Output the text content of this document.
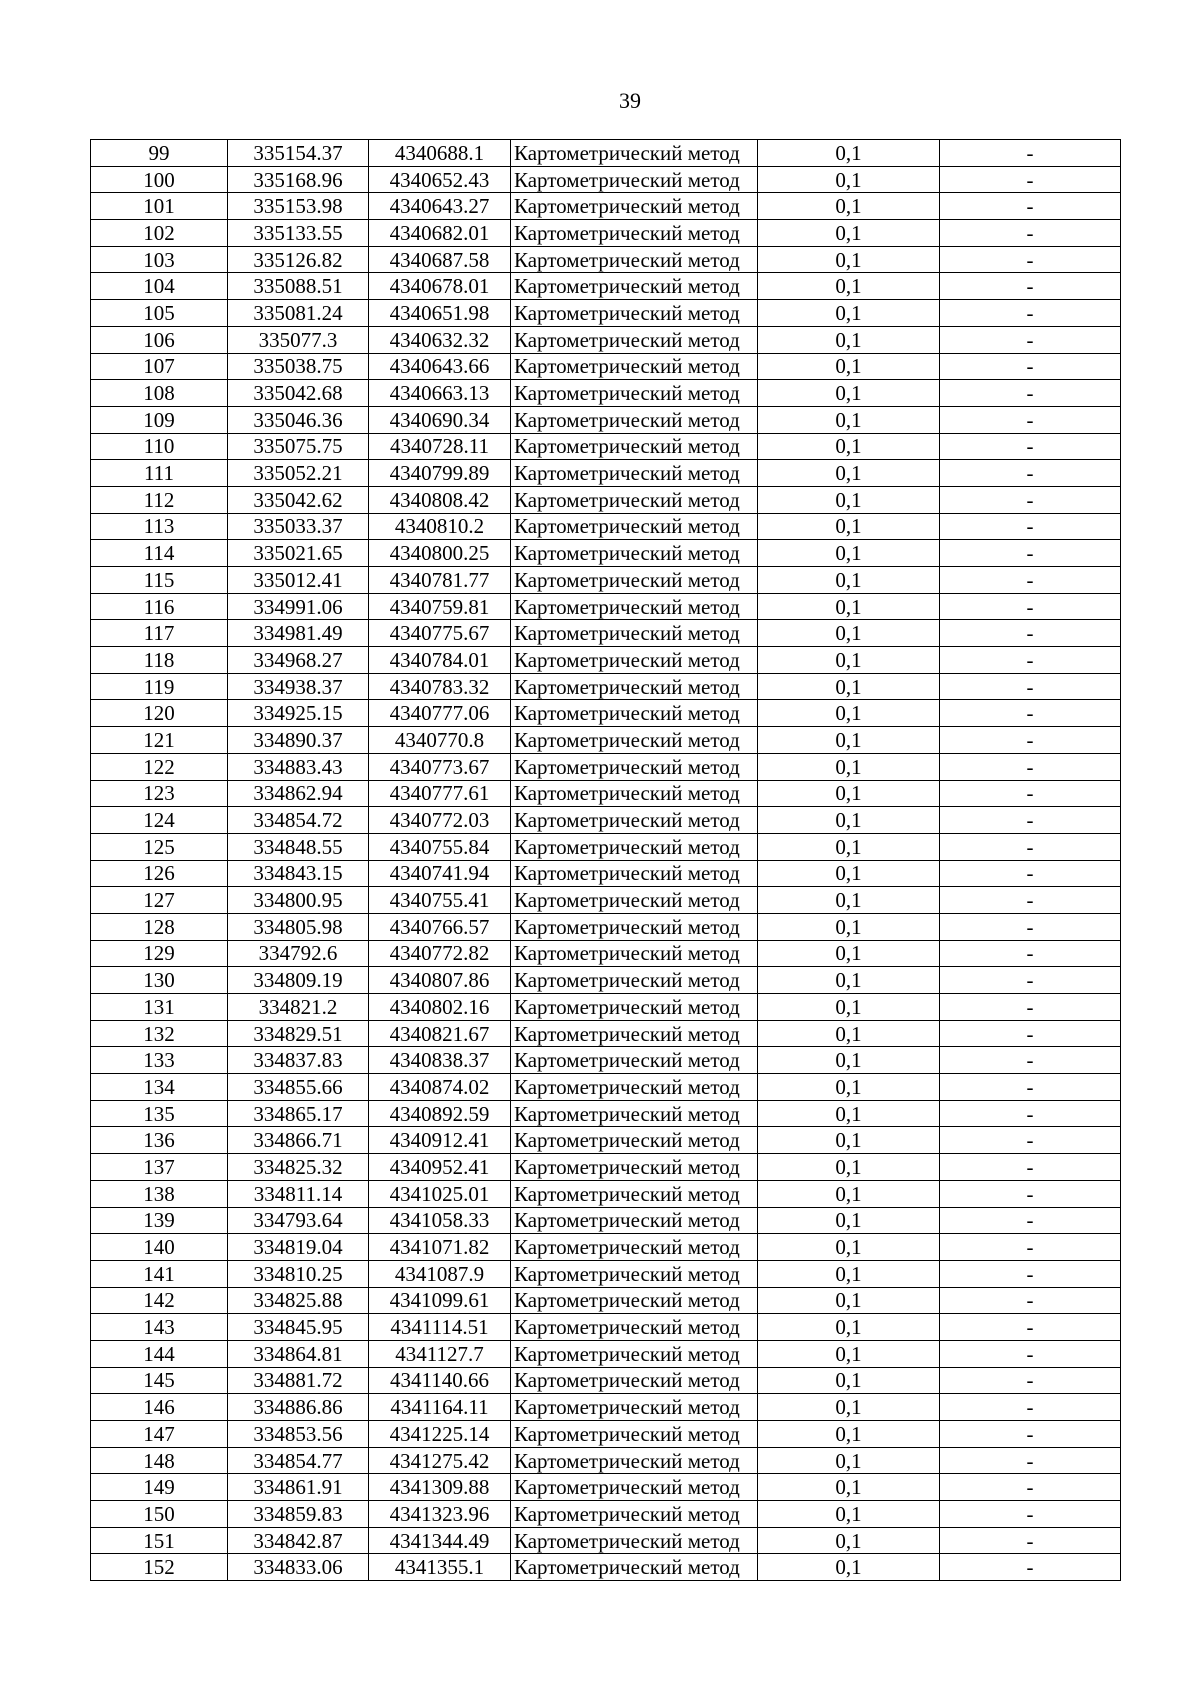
39
99	335154.37	4340688.1	Картометрический метод	0,1	-
100	335168.96	4340652.43	Картометрический метод	0,1	-
101	335153.98	4340643.27	Картометрический метод	0,1	-
102	335133.55	4340682.01	Картометрический метод	0,1	-
103	335126.82	4340687.58	Картометрический метод	0,1	-
104	335088.51	4340678.01	Картометрический метод	0,1	-
105	335081.24	4340651.98	Картометрический метод	0,1	-
106	335077.3	4340632.32	Картометрический метод	0,1	-
107	335038.75	4340643.66	Картометрический метод	0,1	-
108	335042.68	4340663.13	Картометрический метод	0,1	-
109	335046.36	4340690.34	Картометрический метод	0,1	-
110	335075.75	4340728.11	Картометрический метод	0,1	-
111	335052.21	4340799.89	Картометрический метод	0,1	-
112	335042.62	4340808.42	Картометрический метод	0,1	-
113	335033.37	4340810.2	Картометрический метод	0,1	-
114	335021.65	4340800.25	Картометрический метод	0,1	-
115	335012.41	4340781.77	Картометрический метод	0,1	-
116	334991.06	4340759.81	Картометрический метод	0,1	-
117	334981.49	4340775.67	Картометрический метод	0,1	-
118	334968.27	4340784.01	Картометрический метод	0,1	-
119	334938.37	4340783.32	Картометрический метод	0,1	-
120	334925.15	4340777.06	Картометрический метод	0,1	-
121	334890.37	4340770.8	Картометрический метод	0,1	-
122	334883.43	4340773.67	Картометрический метод	0,1	-
123	334862.94	4340777.61	Картометрический метод	0,1	-
124	334854.72	4340772.03	Картометрический метод	0,1	-
125	334848.55	4340755.84	Картометрический метод	0,1	-
126	334843.15	4340741.94	Картометрический метод	0,1	-
127	334800.95	4340755.41	Картометрический метод	0,1	-
128	334805.98	4340766.57	Картометрический метод	0,1	-
129	334792.6	4340772.82	Картометрический метод	0,1	-
130	334809.19	4340807.86	Картометрический метод	0,1	-
131	334821.2	4340802.16	Картометрический метод	0,1	-
132	334829.51	4340821.67	Картометрический метод	0,1	-
133	334837.83	4340838.37	Картометрический метод	0,1	-
134	334855.66	4340874.02	Картометрический метод	0,1	-
135	334865.17	4340892.59	Картометрический метод	0,1	-
136	334866.71	4340912.41	Картометрический метод	0,1	-
137	334825.32	4340952.41	Картометрический метод	0,1	-
138	334811.14	4341025.01	Картометрический метод	0,1	-
139	334793.64	4341058.33	Картометрический метод	0,1	-
140	334819.04	4341071.82	Картометрический метод	0,1	-
141	334810.25	4341087.9	Картометрический метод	0,1	-
142	334825.88	4341099.61	Картометрический метод	0,1	-
143	334845.95	4341114.51	Картометрический метод	0,1	-
144	334864.81	4341127.7	Картометрический метод	0,1	-
145	334881.72	4341140.66	Картометрический метод	0,1	-
146	334886.86	4341164.11	Картометрический метод	0,1	-
147	334853.56	4341225.14	Картометрический метод	0,1	-
148	334854.77	4341275.42	Картометрический метод	0,1	-
149	334861.91	4341309.88	Картометрический метод	0,1	-
150	334859.83	4341323.96	Картометрический метод	0,1	-
151	334842.87	4341344.49	Картометрический метод	0,1	-
152	334833.06	4341355.1	Картометрический метод	0,1	-
